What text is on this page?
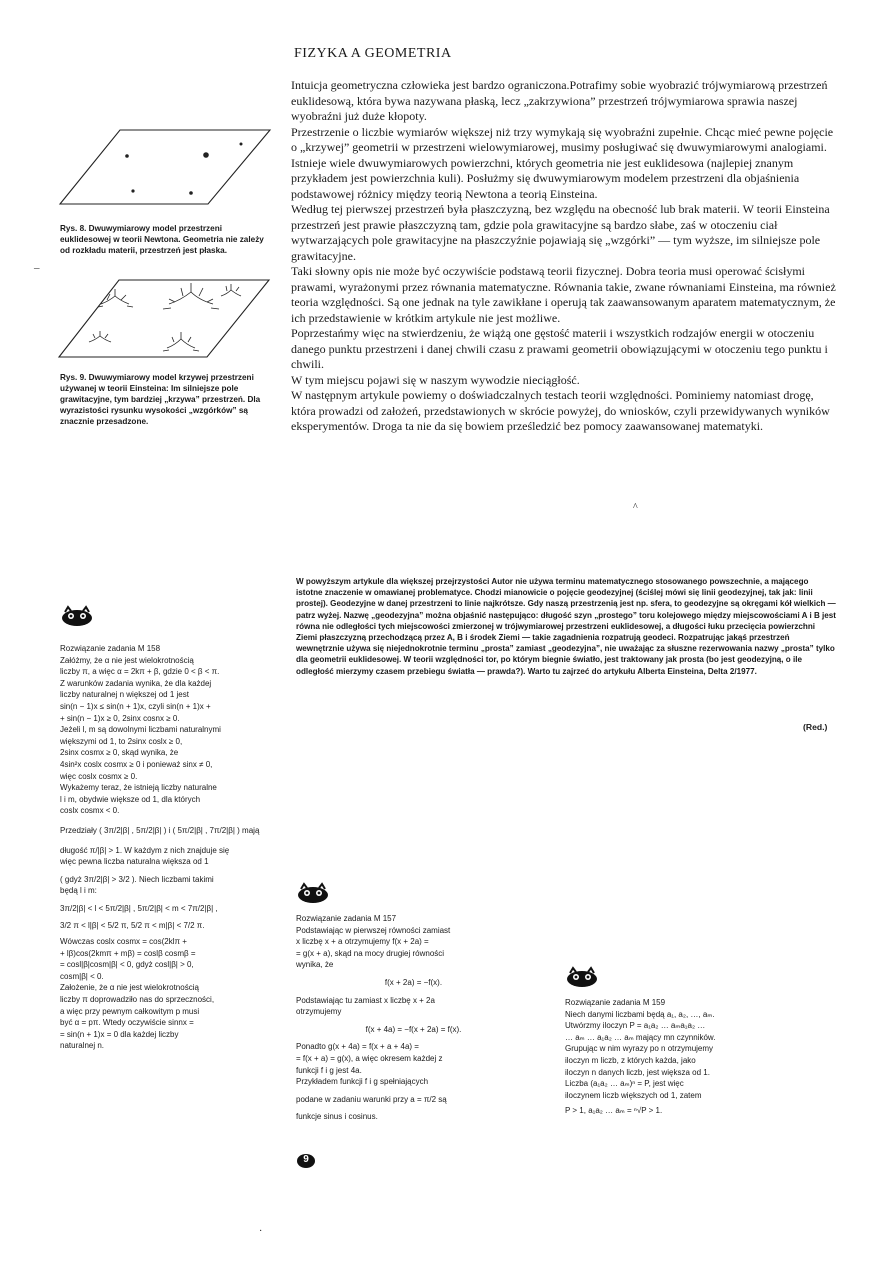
FIZYKA A GEOMETRIA

Intuicja geometryczna człowieka jest bardzo ograniczona.Potrafimy sobie wyobrazić trójwymiarową przestrzeń euklidesową, która bywa nazywana płaską, lecz „zakrzywiona” przestrzeń trójwymiarowa sprawia naszej wyobraźni już duże kłopoty.

Przestrzenie o liczbie wymiarów większej niż trzy wymykają się wyobraźni zupełnie. Chcąc mieć pewne pojęcie o „krzywej” geometrii w przestrzeni wielowymiarowej, musimy posługiwać się dwuwymiarowymi analogiami. Istnieje wiele dwuwymiarowych powierzchni, których geometria nie jest euklidesowa (najlepiej znanym przykładem jest powierzchnia kuli). Posłużmy się dwuwymiarowym modelem przestrzeni dla objaśnienia podstawowej różnicy między teorią Newtona a teorią Einsteina.

Według tej pierwszej przestrzeń była płaszczyzną, bez względu na obecność lub brak materii. W teorii Einsteina przestrzeń jest prawie płaszczyzną tam, gdzie pola grawitacyjne są bardzo słabe, zaś w otoczeniu ciał wytwarzających pole grawitacyjne na płaszczyźnie pojawiają się „wzgórki” — tym wyższe, im silniejsze pole grawitacyjne.

Taki słowny opis nie może być oczywiście podstawą teorii fizycznej. Dobra teoria musi operować ścisłymi prawami, wyrażonymi przez równania matematyczne. Równania takie, zwane równaniami Einsteina, ma również teoria względności. Są one jednak na tyle zawikłane i operują tak zaawansowanym aparatem matematycznym, że ich przedstawienie w krótkim artykule nie jest możliwe.

Poprzestańmy więc na stwierdzeniu, że wiążą one gęstość materii i wszystkich rodzajów energii w otoczeniu danego punktu przestrzeni i danej chwili czasu z prawami geometrii obowiązującymi w otoczeniu tego punktu i chwili.

W tym miejscu pojawi się w naszym wywodzie nieciągłość.

W następnym artykule powiemy o doświadczalnych testach teorii względności. Pominiemy natomiast drogę, która prowadzi od założeń, przedstawionych w skrócie powyżej, do wniosków, czyli przewidywanych wyników eksperymentów. Droga ta nie da się bowiem prześledzić bez pomocy zaawansowanej matematyki.

Rys. 8. Dwuwymiarowy model przestrzeni euklidesowej w teorii Newtona. Geometria nie zależy od rozkładu materii, przestrzeń jest płaska.

–

Rys. 9. Dwuwymiarowy model krzywej przestrzeni używanej w teorii Einsteina: Im silniejsze pole grawitacyjne, tym bardziej „krzywa” przestrzeń. Dla wyrazistości rysunku wysokości „wzgórków” są znacznie przesadzone.

^

W powyższym artykule dla większej przejrzystości Autor nie używa terminu matematycznego stosowanego powszechnie, a mającego istotne znaczenie w omawianej problematyce. Chodzi mianowicie o pojęcie geodezyjnej (ściślej mówi się linii geodezyjnej, tak jak: linii prostej). Geodezyjne w danej przestrzeni to linie najkrótsze. Gdy naszą przestrzenią jest np. sfera, to geodezyjne są okręgami kół wielkich — patrz wyżej. Nazwę „geodezyjna” można objaśnić następująco: długość szyn „prostego” toru kolejowego między miejscowościami A i B jest równa nie odległości tych miejscowości zmierzonej w trójwymiarowej przestrzeni euklidesowej, a długości łuku przecięcia powierzchni Ziemi płaszczyzną przechodzącą przez A, B i środek Ziemi — takie zagadnienia rozpatrują geodeci. Rozpatrując jakąś przestrzeń wewnętrznie używa się niejednokrotnie terminu „prosta” zamiast „geodezyjna”, nie uważając za słuszne rezerwowania nazwy „prosta” tylko dla geometrii euklidesowej. W teorii względności tor, po którym biegnie światło, jest traktowany jak prosta (bo jest geodezyjną, o ile odległość mierzymy czasem przebiegu światła — prawda?). Warto tu zajrzeć do artykułu Alberta Einsteina, Delta 2/1977.

(Red.)

Rozwiązanie zadania M 158

Załóżmy, że α nie jest wielokrotnością

liczby π, a więc α = 2kπ + β, gdzie 0 < β < π.

Z warunków zadania wynika, że dla każdej

liczby naturalnej n większej od 1 jest

sin(n − 1)x ≤ sin(n + 1)x, czyli sin(n + 1)x +

+ sin(n − 1)x ≥ 0, 2sinx cosnx ≥ 0.

Jeżeli l, m są dowolnymi liczbami naturalnymi

większymi od 1, to 2sinx coslx ≥ 0,

2sinx cosmx ≥ 0, skąd wynika, że

4sin²x coslx cosmx ≥ 0 i ponieważ sinx ≠ 0,

więc coslx cosmx ≥ 0.

Wykażemy teraz, że istnieją liczby naturalne

l i m, obydwie większe od 1, dla których

coslx cosmx < 0.

Przedziały ( 3π/2|β| , 5π/2|β| ) i ( 5π/2|β| , 7π/2|β| ) mają

długość π/|β| > 1. W każdym z nich znajduje się

więc pewna liczba naturalna większa od 1

( gdyż 3π/2|β| > 3/2 ). Niech liczbami takimi

będą l i m:

3π/2|β| < l < 5π/2|β| , 5π/2|β| < m < 7π/2|β| ,

3/2 π < l|β| < 5/2 π, 5/2 π < m|β| < 7/2 π.

Wówczas coslx cosmx = cos(2klπ +

+ lβ)cos(2kmπ + mβ) = coslβ cosmβ =

= cosl|β|cosm|β| < 0, gdyż cosl|β| > 0,

cosm|β| < 0.

Założenie, że α nie jest wielokrotnością

liczby π doprowadziło nas do sprzeczności,

a więc przy pewnym całkowitym p musi

być α = pπ. Wtedy oczywiście sinnx =

= sin(n + 1)x = 0 dla każdej liczby

naturalnej n.

Rozwiązanie zadania M 157

Podstawiając w pierwszej równości zamiast

x liczbę x + a otrzymujemy f(x + 2a) =

= g(x + a), skąd na mocy drugiej równości

wynika, że

f(x + 2a) = −f(x).

Podstawiając tu zamiast x liczbę x + 2a

otrzymujemy

f(x + 4a) = −f(x + 2a) = f(x).

Ponadto g(x + 4a) = f(x + a + 4a) =

= f(x + a) = g(x), a więc okresem każdej z

funkcji f i g jest 4a.

Przykładem funkcji f i g spełniających

podane w zadaniu warunki przy a = π/2 są

funkcje sinus i cosinus.

Rozwiązanie zadania M 159

Niech danymi liczbami będą a₁, a₂, …, aₘ.

Utwórzmy iloczyn P = a₁a₂ … aₘa₁a₂ …

… aₘ … a₁a₂ … aₘ mający mn czynników.

Grupując w nim wyrazy po n otrzymujemy

iloczyn m liczb, z których każda, jako

iloczyn n danych liczb, jest większa od 1.

Liczba (a₁a₂ … aₘ)ⁿ = P, jest więc

iloczynem liczb większych od 1, zatem

P > 1, a₁a₂ … aₘ = ⁿ√P > 1.

9
·
